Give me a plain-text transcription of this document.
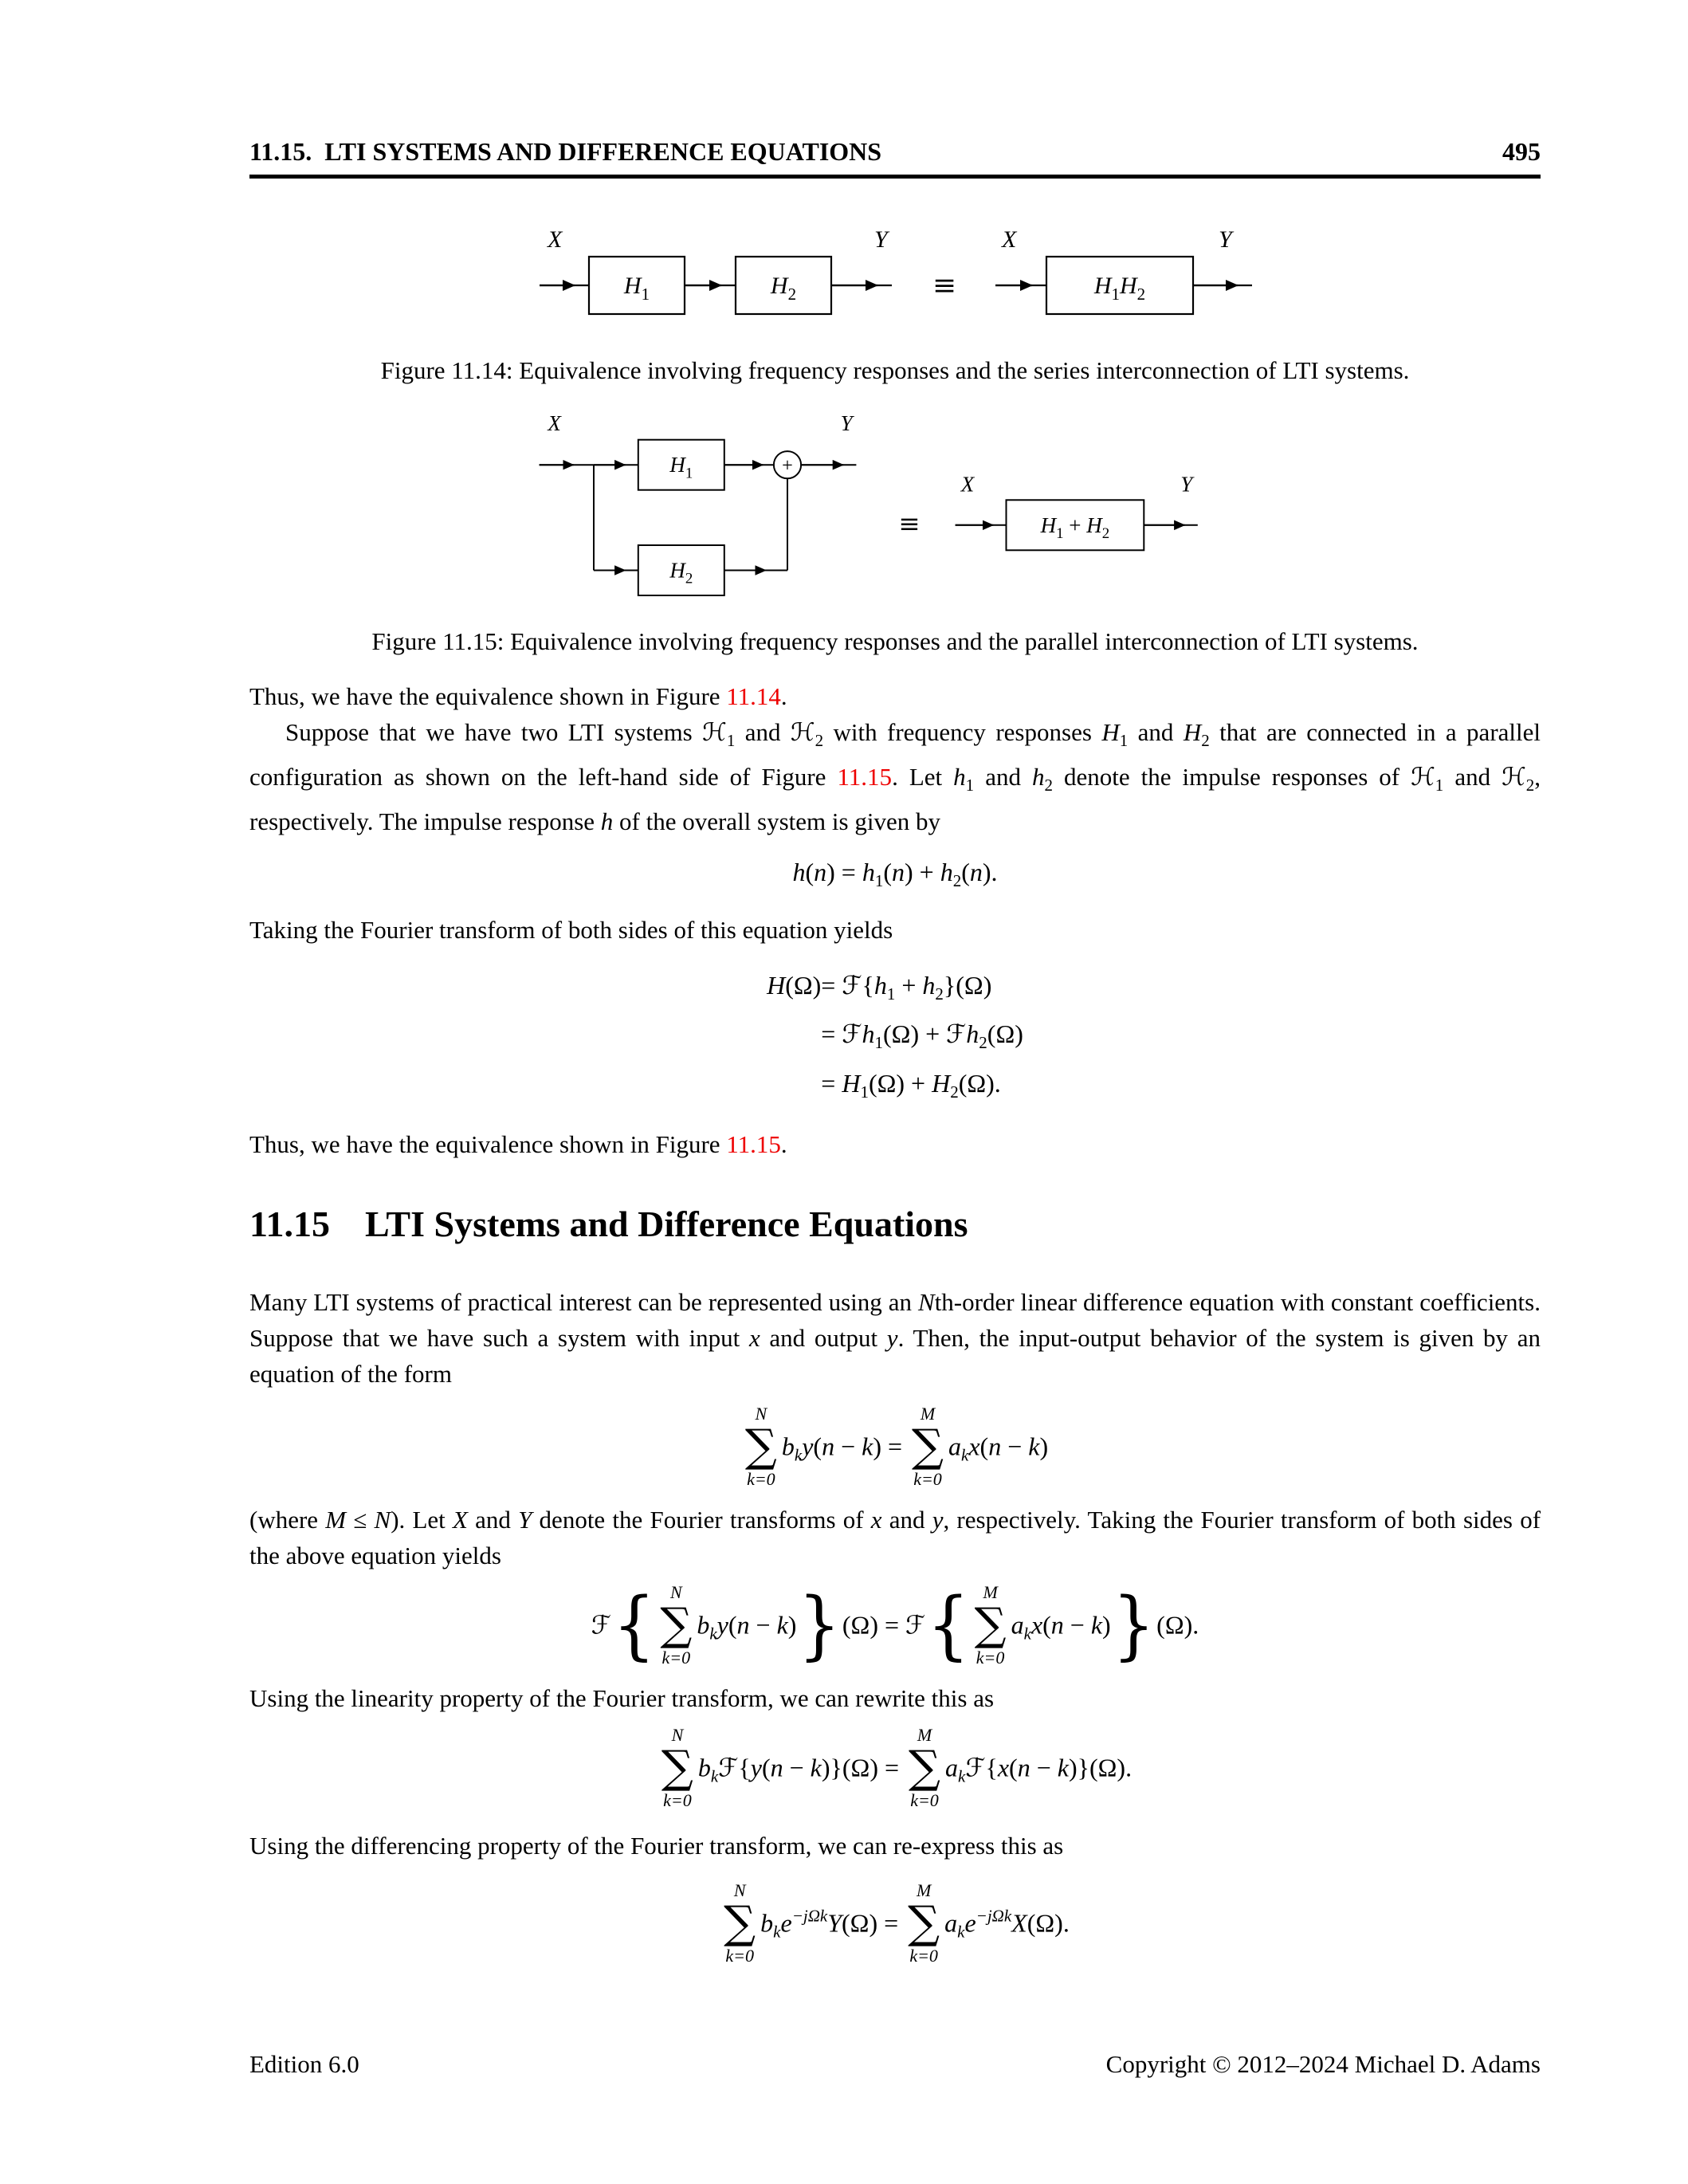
11.15.  LTI SYSTEMS AND DIFFERENCE EQUATIONS	495
X
$H_1$	$H_2$
Y
≡
X
$H_1H_2$
Y
Figure 11.14: Equivalence involving frequency responses and the series interconnection of LTI systems.
X
$H_1$	+
Y
$H_2$
≡
X
$H_1 + H_2$
Y
Figure 11.15: Equivalence involving frequency responses and the parallel interconnection of LTI systems.

Thus, we have the equivalence shown in Figure 11.14.

Suppose that we have two LTI systems ℋ$_1$ and ℋ$_2$ with frequency responses $H_1$ and $H_2$ that are connected in a parallel configuration as shown on the left-hand side of Figure 11.15. Let $h_1$ and $h_2$ denote the impulse responses of ℋ$_1$ and ℋ$_2$, respectively. The impulse response h of the overall system is given by

$h(n) = h_1(n) + h_2(n)$.

Taking the Fourier transform of both sides of this equation yields

$H(\Omega) = ℱ\{h_1 + h_2\}(\Omega)$
= ℱh$_1$(Ω) + ℱh$_2$(Ω)
= $H_1(\Omega) + H_2(\Omega)$.

Thus, we have the equivalence shown in Figure 11.15.

11.15 LTI Systems and Difference Equations

Many LTI systems of practical interest can be represented using an Nth-order linear difference equation with constant coefficients. Suppose that we have such a system with input x and output y. Then, the input-output behavior of the system is given by an equation of the form

N
∑
k=0
$b_ky(n - k)$ =
M
∑
k=0
$a_kx(n - k)$

(where M ≤ N). Let X and Y denote the Fourier transforms of x and y, respectively. Taking the Fourier transform of both sides of the above equation yields

ℱ{ N
∑
k=0
$b_ky(n - k)\}(\Omega)$ = ℱ{ M
∑
k=0
$a_kx(n - k)\}(\Omega)$.

Using the linearity property of the Fourier transform, we can rewrite this as

N
∑
k=0
$b_kℱ\{y(n - k)\}(\Omega)$ =
M
∑
k=0
$a_kℱ\{x(n - k)\}(\Omega)$.

Using the differencing property of the Fourier transform, we can re-express this as

N
∑
k=0
$b_ke^{-j\Omega k}Y(\Omega)$ =
M
∑
k=0
$a_ke^{-j\Omega k}X(\Omega)$.
Edition 6.0	Copyright © 2012–2024 Michael D. Adams
